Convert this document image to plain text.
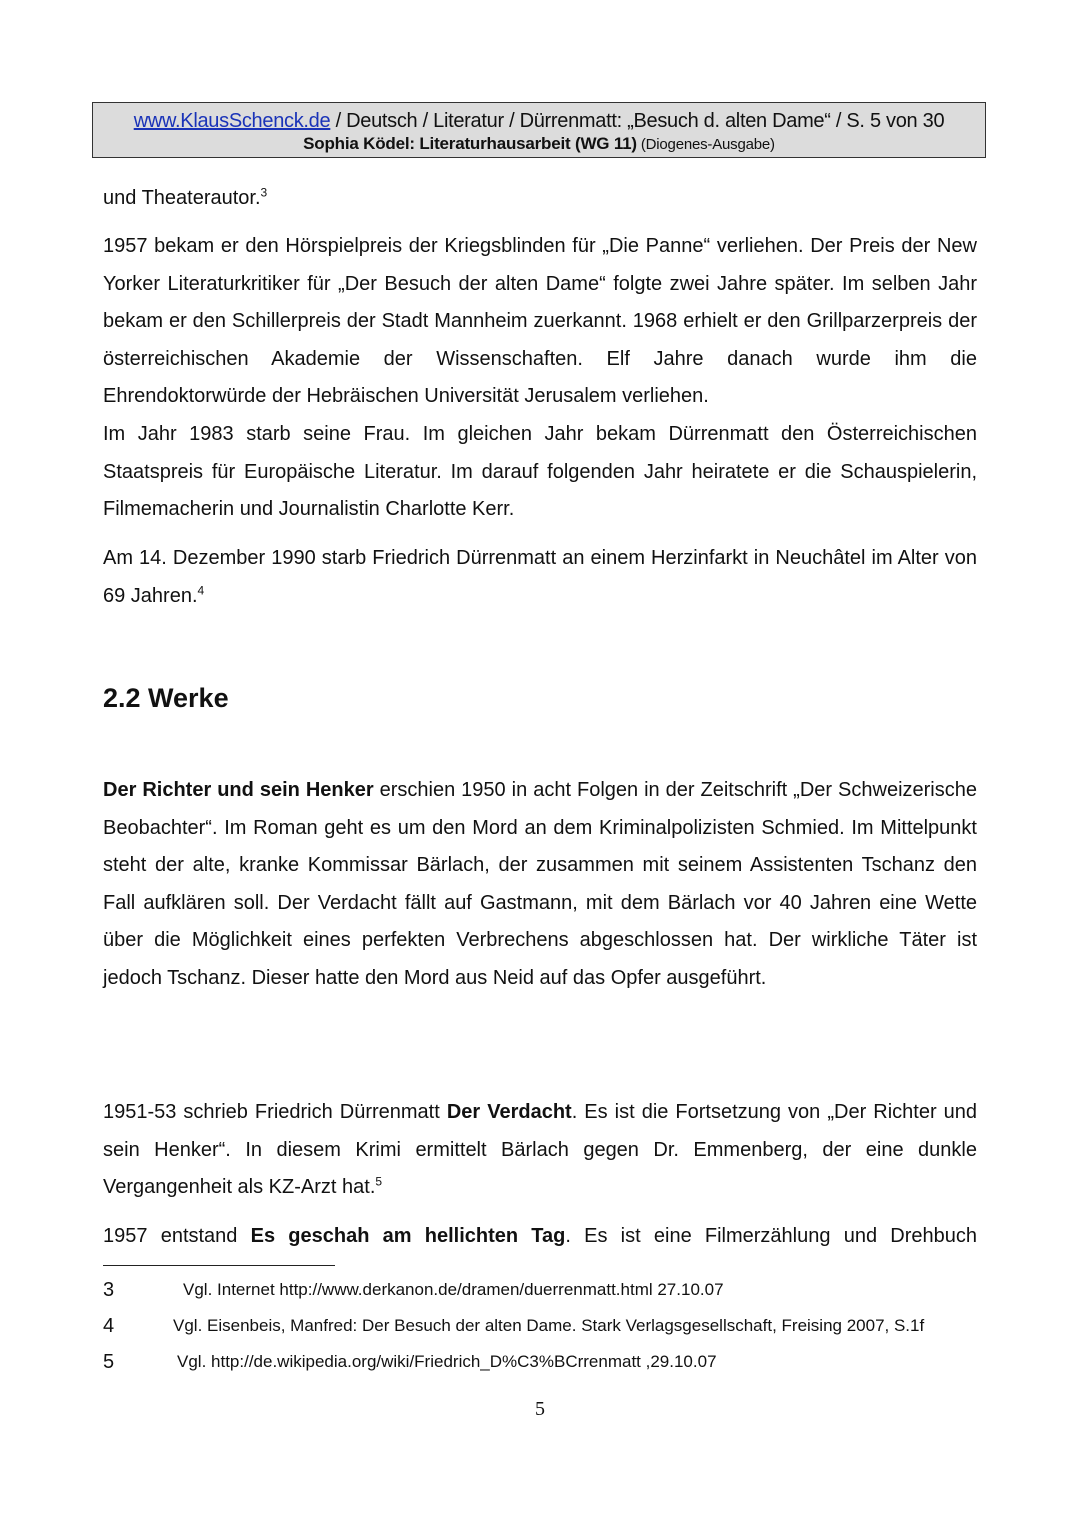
www.KlausSchenck.de / Deutsch / Literatur / Dürrenmatt: „Besuch d. alten Dame“ / S. 5 von 30
Sophia Ködel: Literaturhausarbeit (WG 11) (Diogenes-Ausgabe)

und Theaterautor.$^3$

1957 bekam er den Hörspielpreis der Kriegsblinden für „Die Panne“ verliehen. Der Preis der New Yorker Literaturkritiker für „Der Besuch der alten Dame“ folgte zwei Jahre später. Im selben Jahr bekam er den Schillerpreis der Stadt Mannheim zuerkannt. 1968 erhielt er den Grillparzerpreis der österreichischen Akademie der Wissenschaften. Elf Jahre danach wurde ihm die Ehrendoktorwürde der Hebräischen Universität Jerusalem verliehen.

Im Jahr 1983 starb seine Frau. Im gleichen Jahr bekam Dürrenmatt den Österreichischen Staatspreis für Europäische Literatur. Im darauf folgenden Jahr heiratete er die Schauspielerin, Filmemacherin und Journalistin Charlotte Kerr.

Am 14. Dezember 1990 starb Friedrich Dürrenmatt an einem Herzinfarkt in Neuchâtel im Alter von 69 Jahren.$^4$

2.2 Werke

Der Richter und sein Henker erschien 1950 in acht Folgen in der Zeitschrift „Der Schweizerische Beobachter“. Im Roman geht es um den Mord an dem Kriminalpolizisten Schmied. Im Mittelpunkt steht der alte, kranke Kommissar Bärlach, der zusammen mit seinem Assistenten Tschanz den Fall aufklären soll. Der Verdacht fällt auf Gastmann, mit dem Bärlach vor 40 Jahren eine Wette über die Möglichkeit eines perfekten Verbrechens abgeschlossen hat. Der wirkliche Täter ist jedoch Tschanz. Dieser hatte den Mord aus Neid auf das Opfer ausgeführt.

1951-53 schrieb Friedrich Dürrenmatt Der Verdacht. Es ist die Fortsetzung von „Der Richter und sein Henker“. In diesem Krimi ermittelt Bärlach gegen Dr. Emmenberg, der eine dunkle Vergangenheit als KZ-Arzt hat.$^5$

1957 entstand Es geschah am hellichten Tag. Es ist eine Filmerzählung und Drehbuch

3	Vgl. Internet http://www.derkanon.de/dramen/duerrenmatt.html 27.10.07
4	Vgl. Eisenbeis, Manfred: Der Besuch der alten Dame. Stark Verlagsgesellschaft, Freising 2007, S.1f
5	Vgl. http://de.wikipedia.org/wiki/Friedrich_D%C3%BCrrenmatt ,29.10.07
5
